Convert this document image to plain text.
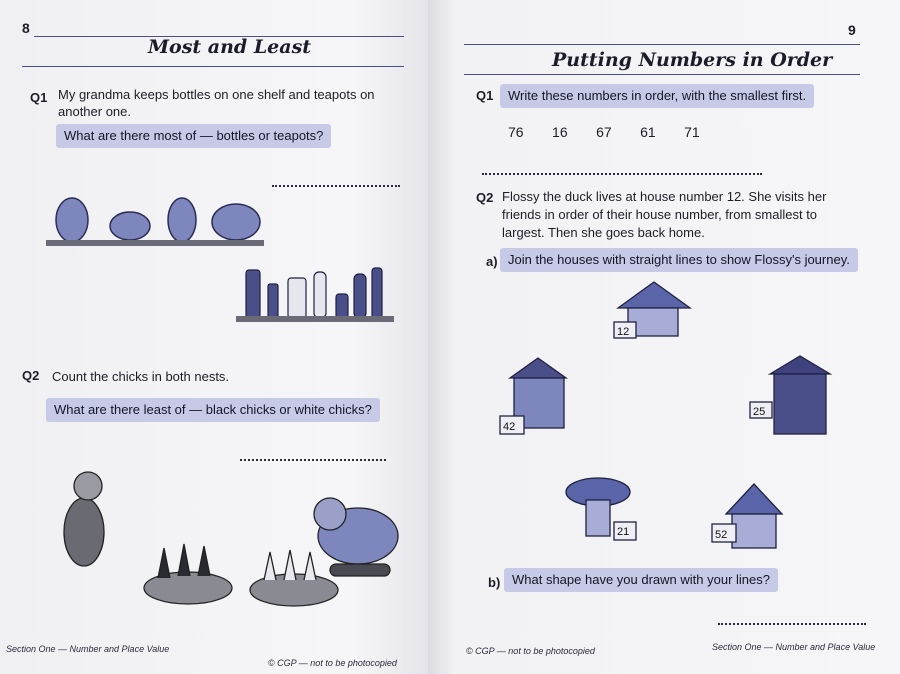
8
Most and Least
Q1 My grandma keeps bottles on one shelf and teapots on
another one.
What are there most of — bottles or teapots?
Q2 Count the chicks in both nests.
What are there least of — black chicks or white chicks?
Section One — Number and Place Value
© CGP — not to be photocopied
9
Putting Numbers in Order
Q1	Write these numbers in order, with the smallest first.
76 16 67 61 71
Q2 Flossy the duck lives at house number 12. She visits her
friends in order of their house number, from smallest to
largest. Then she goes back home.
a) Join the houses with straight lines to show Flossy's journey.
12
42
25
21	52
b) What shape have you drawn with your lines?
© CGP — not to be photocopied	Section One — Number and Place Value
